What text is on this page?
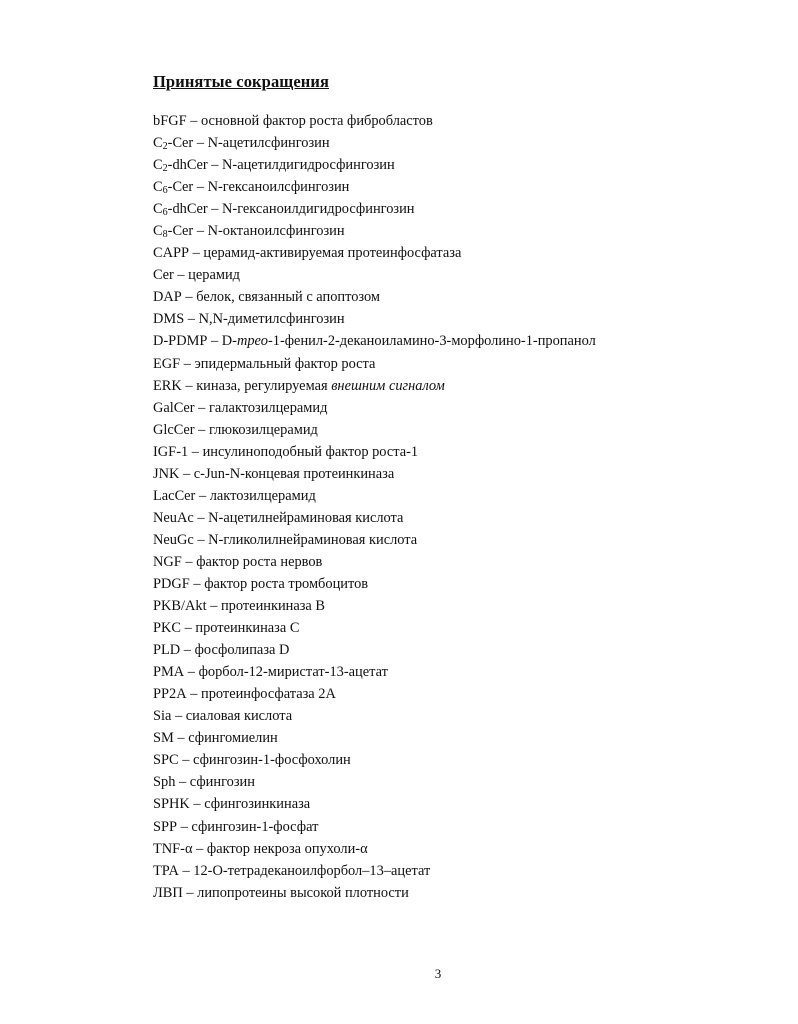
Принятые сокращения
bFGF – основной фактор роста фибробластов
$C_2$-Cer – N-ацетилсфингозин
$C_2$-dhCer – N-ацетилдигидросфингозин
$C_6$-Cer – N-гексаноилсфингозин
$C_6$-dhCer – N-гексаноилдигидросфингозин
$C_8$-Cer – N-октаноилсфингозин
CAPP – церамид-активируемая протеинфосфатаза
Cer – церамид
DAP – белок, связанный с апоптозом
DMS – N,N-диметилсфингозин
D-PDMP – D-трео-1-фенил-2-деканоиламино-3-морфолино-1-пропанол
EGF – эпидермальный фактор роста
ERK – киназа, регулируемая внешним сигналом
GalCer – галактозилцерамид
GlcCer – глюкозилцерамид
IGF-1 – инсулиноподобный фактор роста-1
JNK – c-Jun-N-концевая протеинкиназа
LacCer – лактозилцерамид
NeuAc – N-ацетилнейраминовая кислота
NeuGc – N-гликолилнейраминовая кислота
NGF – фактор роста нервов
PDGF – фактор роста тромбоцитов
PKB/Akt – протеинкиназа B
PKC – протеинкиназа C
PLD – фосфолипаза D
PMA – форбол-12-миристат-13-ацетат
PP2A – протеинфосфатаза 2A
Sia – сиаловая кислота
SM – сфингомиелин
SPC – сфингозин-1-фосфохолин
Sph – сфингозин
SPHK – сфингозинкиназа
SPP – сфингозин-1-фосфат
TNF-α – фактор некроза опухоли-α
TPA – 12-О-тетрадеканоилфорбол–13–ацетат
ЛВП – липопротеины высокой плотности
3
